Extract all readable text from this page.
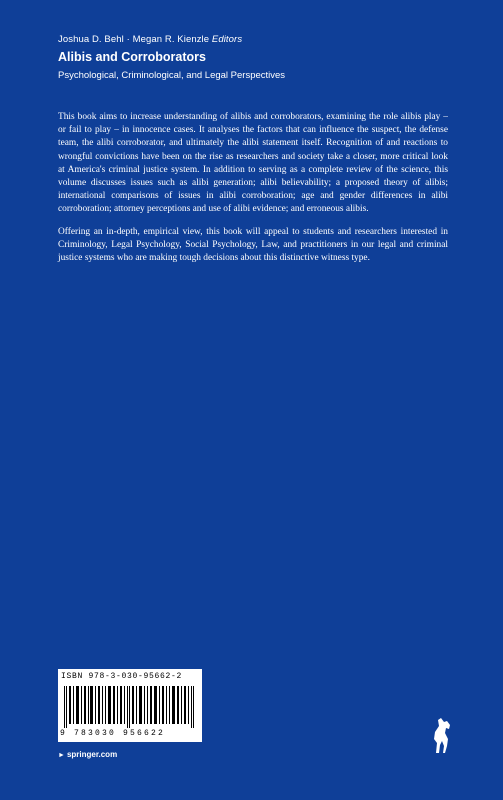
Joshua D. Behl · Megan R. Kienzle Editors
Alibis and Corroborators
Psychological, Criminological, and Legal Perspectives

This book aims to increase understanding of alibis and corroborators, examining the role alibis play – or fail to play – in innocence cases. It analyses the factors that can influence the suspect, the defense team, the alibi corroborator, and ultimately the alibi statement itself. Recognition of and reactions to wrongful convictions have been on the rise as researchers and society take a closer, more critical look at America's criminal justice system. In addition to serving as a complete review of the science, this volume discusses issues such as alibi generation; alibi believability; a proposed theory of alibis; international comparisons of issues in alibi corroboration; age and gender differences in alibi corroboration; attorney perceptions and use of alibi evidence; and erroneous alibis.

Offering an in-depth, empirical view, this book will appeal to students and researchers interested in Criminology, Legal Psychology, Social Psychology, Law, and practitioners in our legal and criminal justice systems who are making tough decisions about this distinctive witness type.

ISBN 978-3-030-95662-2
9 783030 956622
► springer.com
